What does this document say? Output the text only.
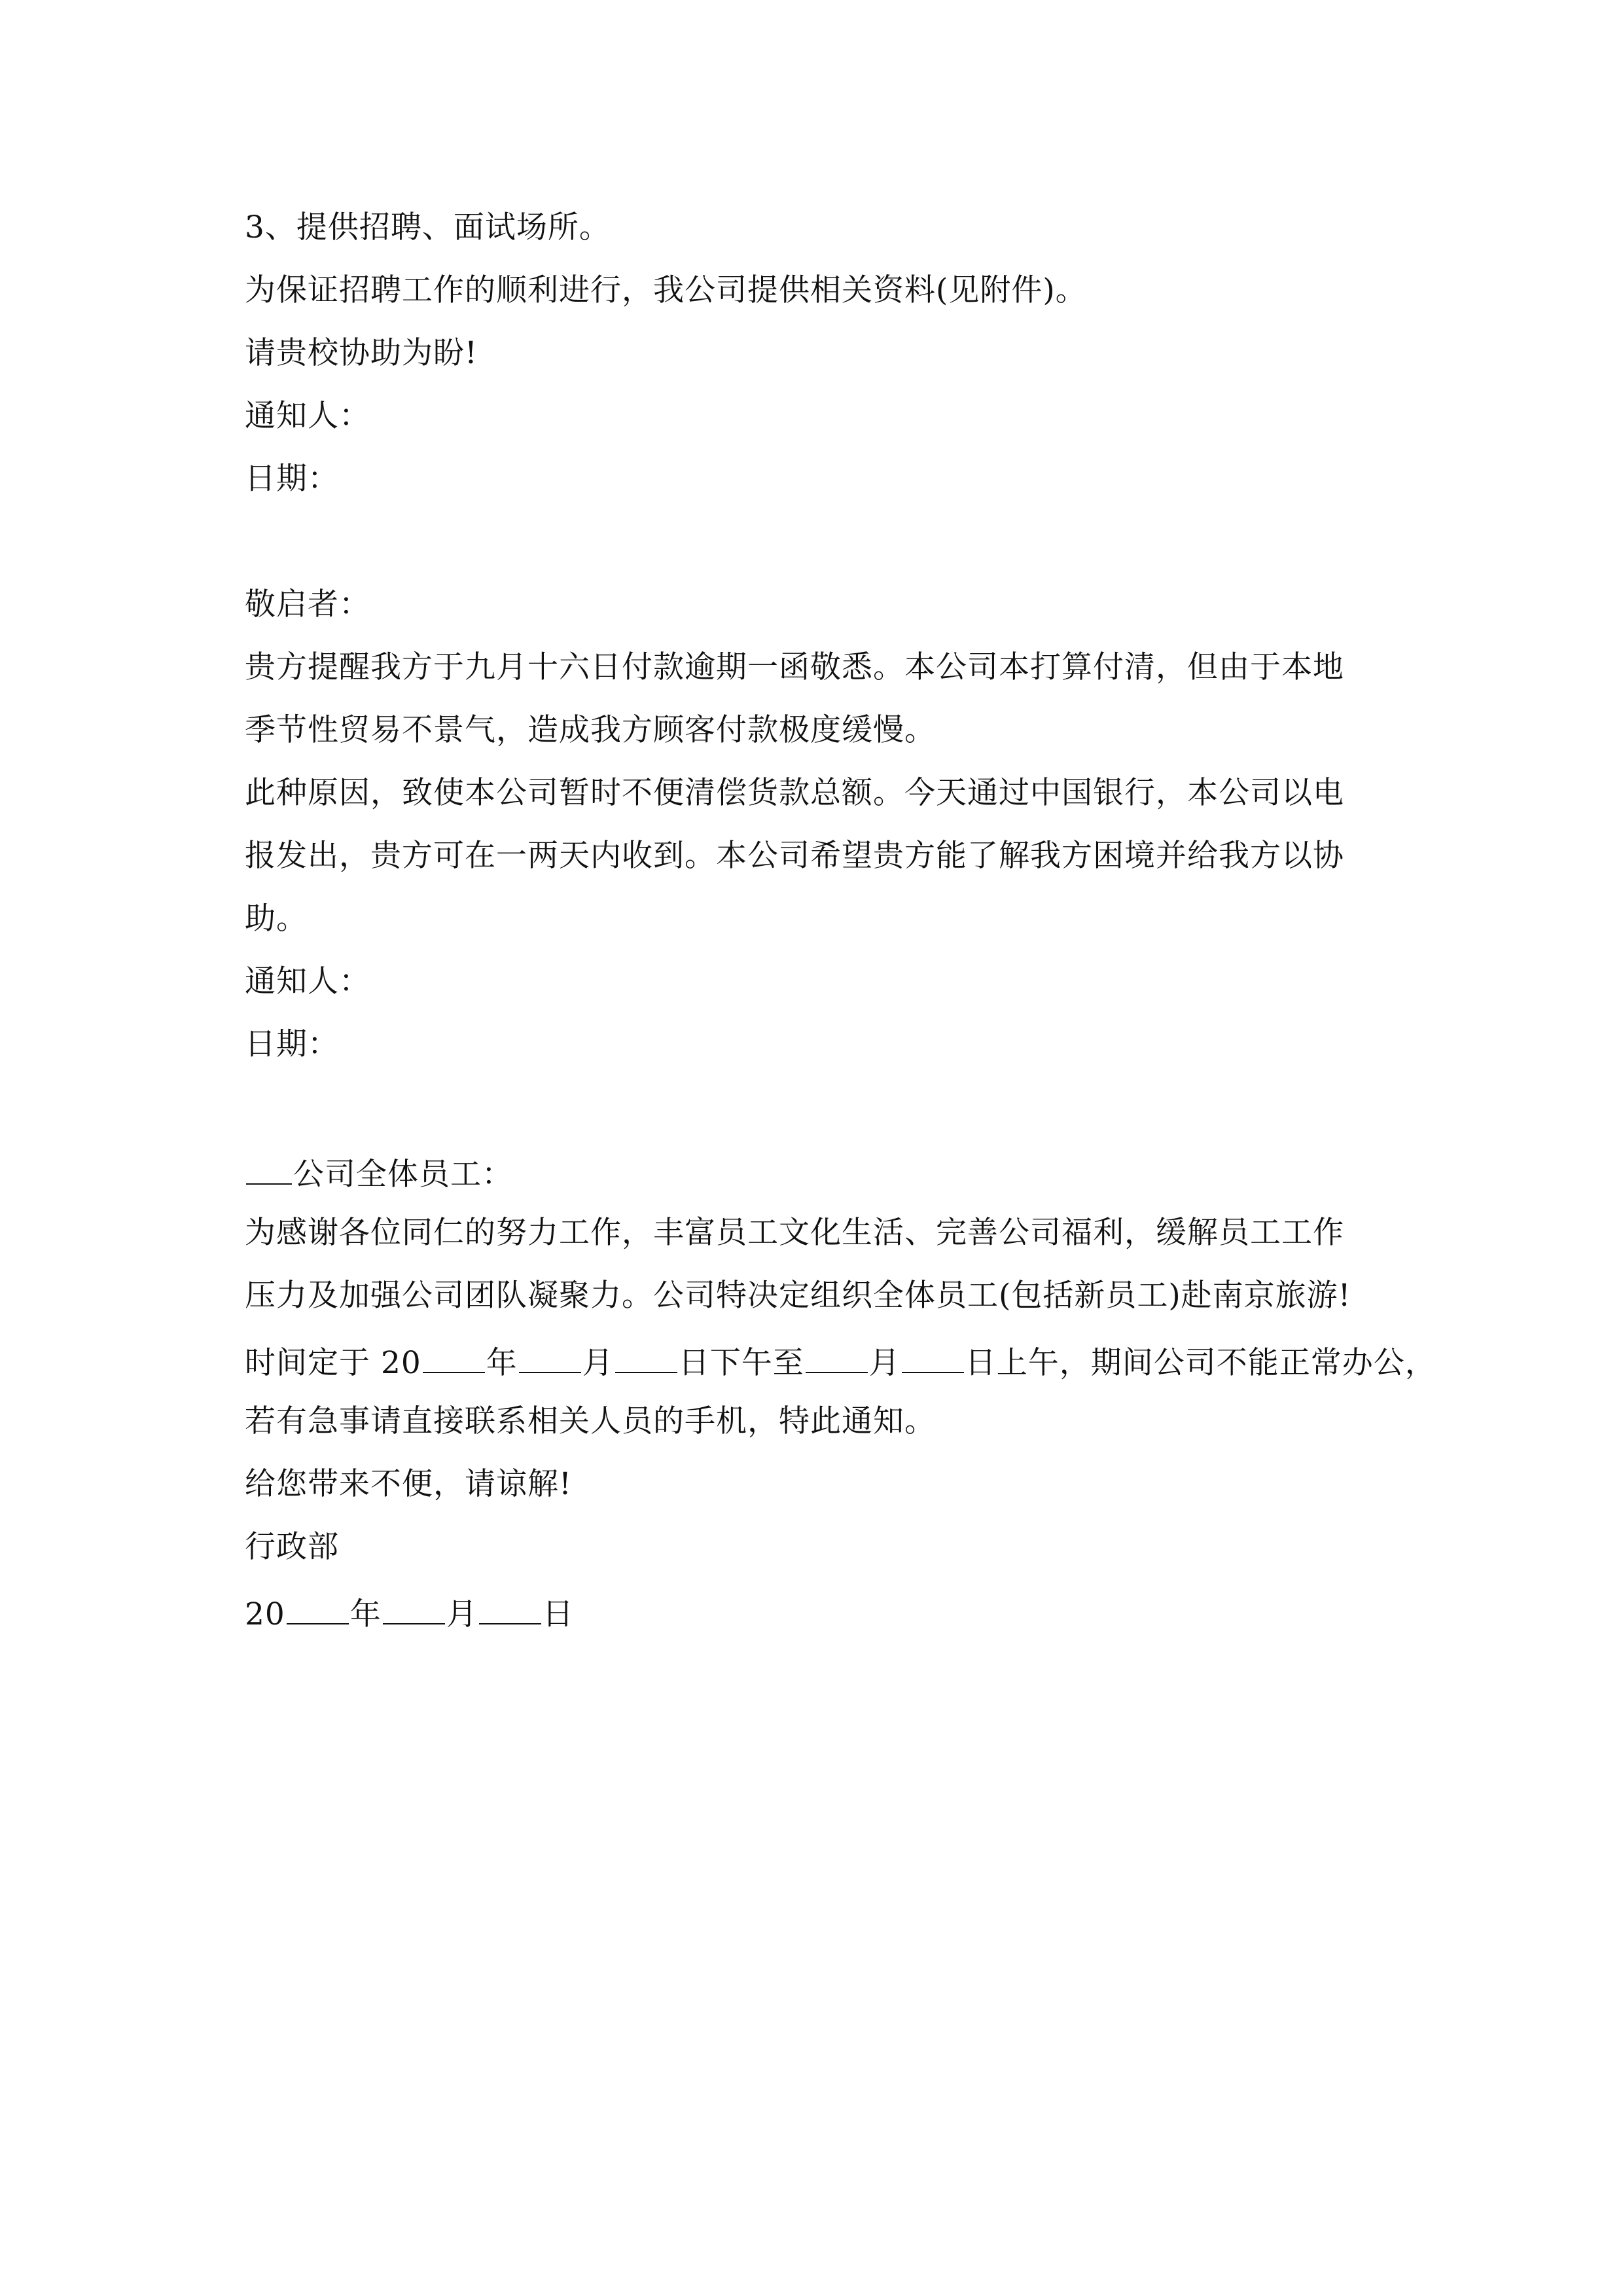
3、提供招聘、面试场所。
为保证招聘工作的顺利进行，我公司提供相关资料(见附件)。
请贵校协助为盼!
通知人：
日期：
敬启者：
贵方提醒我方于九月十六日付款逾期一函敬悉。本公司本打算付清，但由于本地
季节性贸易不景气，造成我方顾客付款极度缓慢。
此种原因，致使本公司暂时不便清偿货款总额。今天通过中国银行，本公司以电
报发出，贵方可在一两天内收到。本公司希望贵方能了解我方困境并给我方以协
助。
通知人：
日期：
公司全体员工：
为感谢各位同仁的努力工作，丰富员工文化生活、完善公司福利，缓解员工工作
压力及加强公司团队凝聚力。公司特决定组织全体员工(包括新员工)赴南京旅游!
时间定于 20 年 月 日下午至 月 日上午，期间公司不能正常办公，
若有急事请直接联系相关人员的手机，特此通知。
给您带来不便，请谅解!
行政部
20 年 月 日
